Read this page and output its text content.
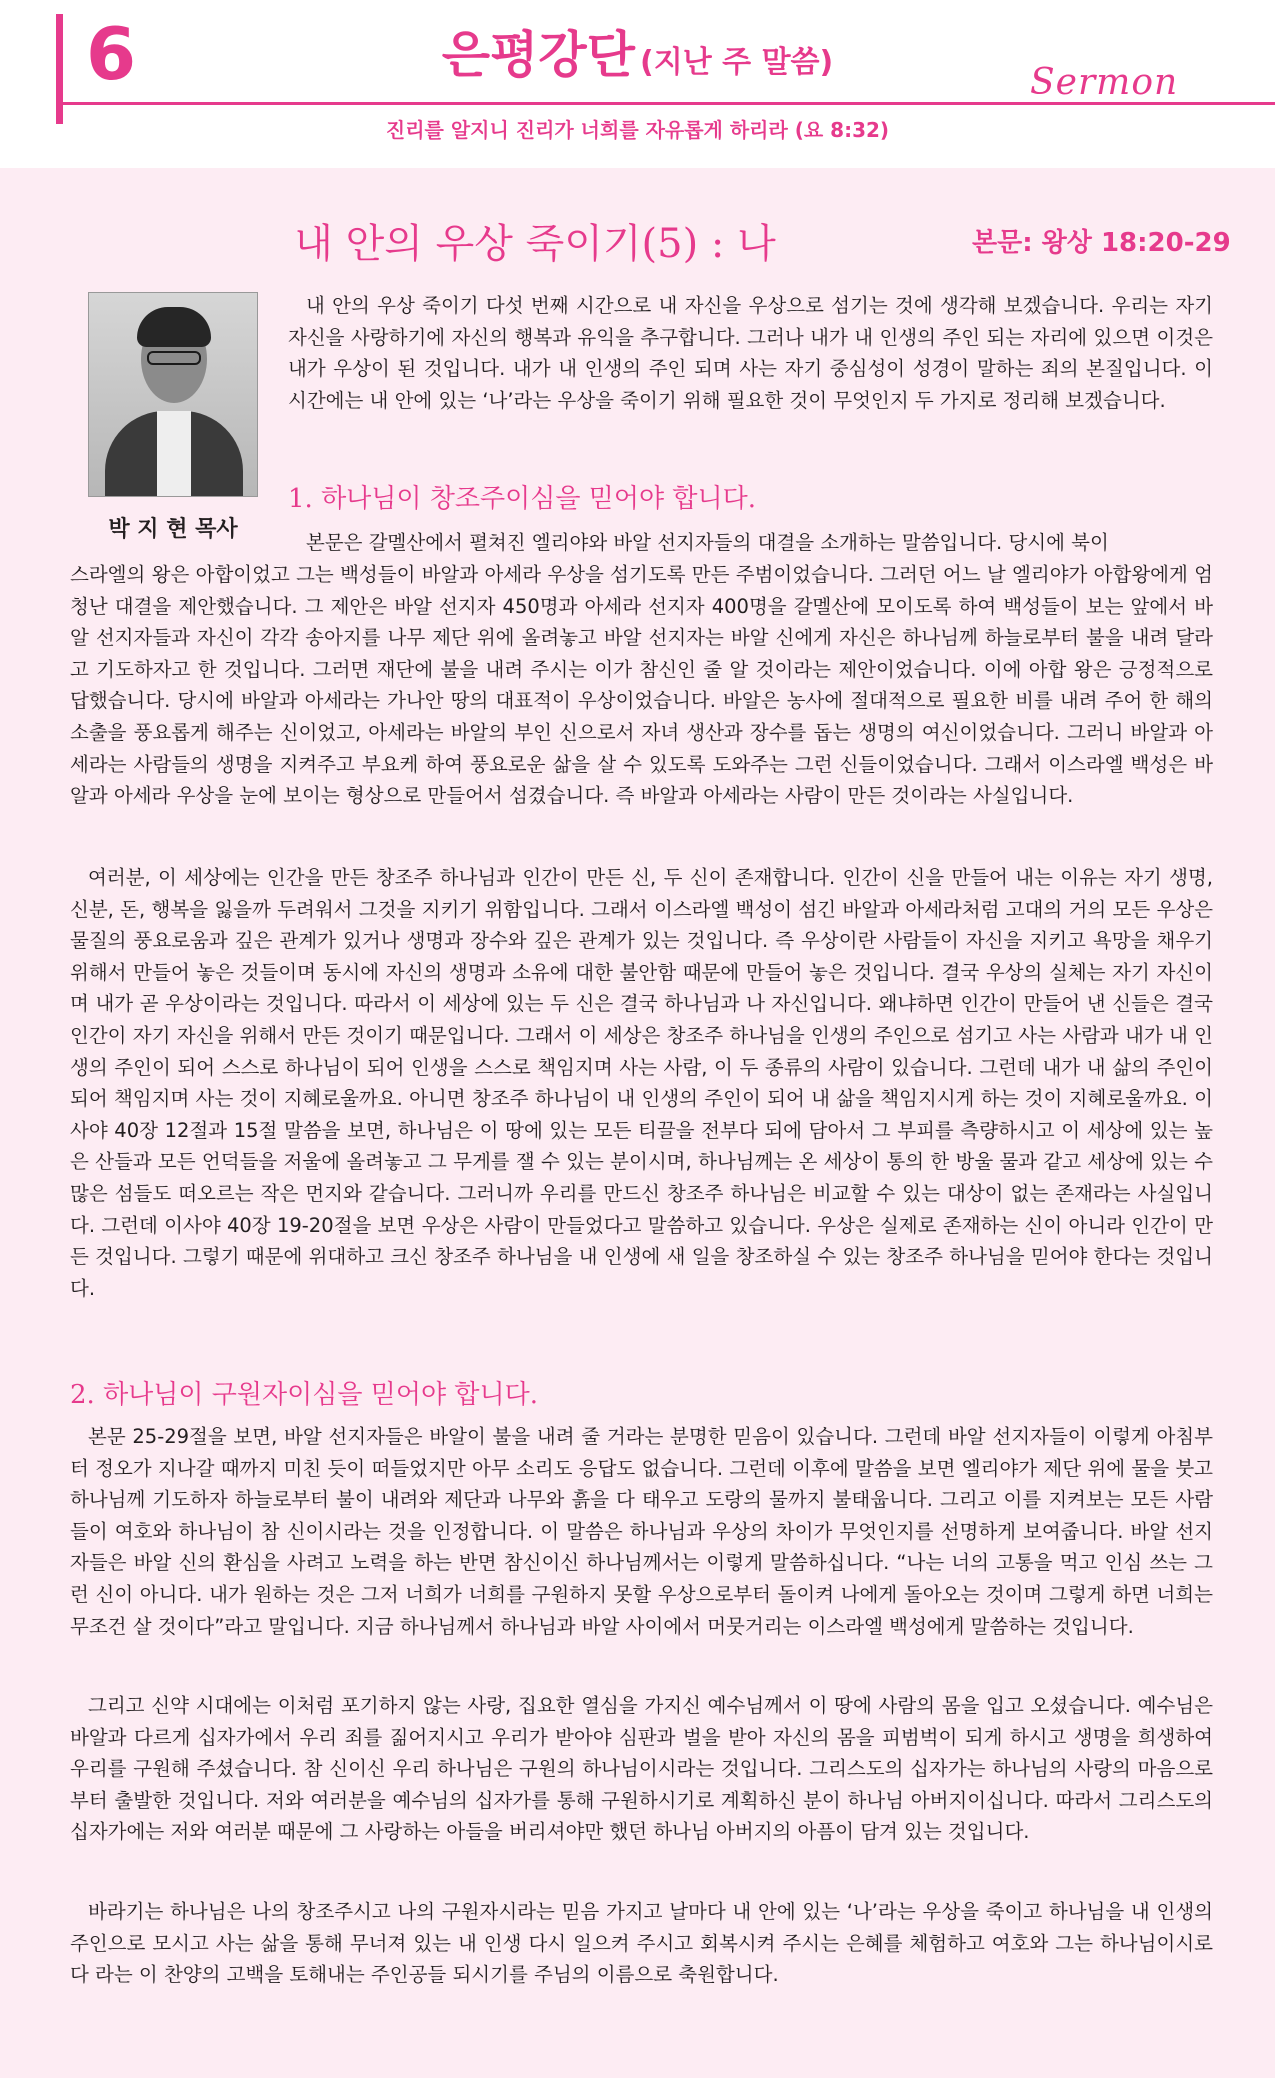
6	은평강단 (지난 주 말씀)	Sermon
진리를 알지니 진리가 너희를 자유롭게 하리라 (요 8:32)
내 안의 우상 죽이기(5) : 나	본문: 왕상 18:20-29
박 지 현 목사
내 안의 우상 죽이기 다섯 번째 시간으로 내 자신을 우상으로 섬기는 것에 생각해 보겠습니다. 우리는 자기 자신을 사랑하기에 자신의 행복과 유익을 추구합니다. 그러나 내가 내 인생의 주인 되는 자리에 있으면 이것은 내가 우상이 된 것입니다. 내가 내 인생의 주인 되며 사는 자기 중심성이 성경이 말하는 죄의 본질입니다. 이 시간에는 내 안에 있는 ‘나’라는 우상을 죽이기 위해 필요한 것이 무엇인지 두 가지로 정리해 보겠습니다.
1. 하나님이 창조주이심을 믿어야 합니다.
본문은 갈멜산에서 펼쳐진 엘리야와 바알 선지자들의 대결을 소개하는 말씀입니다. 당시에 북이
스라엘의 왕은 아합이었고 그는 백성들이 바알과 아세라 우상을 섬기도록 만든 주범이었습니다. 그러던 어느 날 엘리야가 아합왕에게 엄청난 대결을 제안했습니다. 그 제안은 바알 선지자 450명과 아세라 선지자 400명을 갈멜산에 모이도록 하여 백성들이 보는 앞에서 바알 선지자들과 자신이 각각 송아지를 나무 제단 위에 올려놓고 바알 선지자는 바알 신에게 자신은 하나님께 하늘로부터 불을 내려 달라고 기도하자고 한 것입니다. 그러면 재단에 불을 내려 주시는 이가 참신인 줄 알 것이라는 제안이었습니다. 이에 아합 왕은 긍정적으로 답했습니다. 당시에 바알과 아세라는 가나안 땅의 대표적이 우상이었습니다. 바알은 농사에 절대적으로 필요한 비를 내려 주어 한 해의 소출을 풍요롭게 해주는 신이었고, 아세라는 바알의 부인 신으로서 자녀 생산과 장수를 돕는 생명의 여신이었습니다. 그러니 바알과 아세라는 사람들의 생명을 지켜주고 부요케 하여 풍요로운 삶을 살 수 있도록 도와주는 그런 신들이었습니다. 그래서 이스라엘 백성은 바알과 아세라 우상을 눈에 보이는 형상으로 만들어서 섬겼습니다. 즉 바알과 아세라는 사람이 만든 것이라는 사실입니다.
여러분, 이 세상에는 인간을 만든 창조주 하나님과 인간이 만든 신, 두 신이 존재합니다. 인간이 신을 만들어 내는 이유는 자기 생명, 신분, 돈, 행복을 잃을까 두려워서 그것을 지키기 위함입니다. 그래서 이스라엘 백성이 섬긴 바알과 아세라처럼 고대의 거의 모든 우상은 물질의 풍요로움과 깊은 관계가 있거나 생명과 장수와 깊은 관계가 있는 것입니다. 즉 우상이란 사람들이 자신을 지키고 욕망을 채우기 위해서 만들어 놓은 것들이며 동시에 자신의 생명과 소유에 대한 불안함 때문에 만들어 놓은 것입니다. 결국 우상의 실체는 자기 자신이며 내가 곧 우상이라는 것입니다. 따라서 이 세상에 있는 두 신은 결국 하나님과 나 자신입니다. 왜냐하면 인간이 만들어 낸 신들은 결국 인간이 자기 자신을 위해서 만든 것이기 때문입니다. 그래서 이 세상은 창조주 하나님을 인생의 주인으로 섬기고 사는 사람과 내가 내 인생의 주인이 되어 스스로 하나님이 되어 인생을 스스로 책임지며 사는 사람, 이 두 종류의 사람이 있습니다. 그런데 내가 내 삶의 주인이 되어 책임지며 사는 것이 지혜로울까요. 아니면 창조주 하나님이 내 인생의 주인이 되어 내 삶을 책임지시게 하는 것이 지혜로울까요. 이사야 40장 12절과 15절 말씀을 보면, 하나님은 이 땅에 있는 모든 티끌을 전부다 되에 담아서 그 부피를 측량하시고 이 세상에 있는 높은 산들과 모든 언덕들을 저울에 올려놓고 그 무게를 잴 수 있는 분이시며, 하나님께는 온 세상이 통의 한 방울 물과 같고 세상에 있는 수많은 섬들도 떠오르는 작은 먼지와 같습니다. 그러니까 우리를 만드신 창조주 하나님은 비교할 수 있는 대상이 없는 존재라는 사실입니다. 그런데 이사야 40장 19-20절을 보면 우상은 사람이 만들었다고 말씀하고 있습니다. 우상은 실제로 존재하는 신이 아니라 인간이 만든 것입니다. 그렇기 때문에 위대하고 크신 창조주 하나님을 내 인생에 새 일을 창조하실 수 있는 창조주 하나님을 믿어야 한다는 것입니다.
2. 하나님이 구원자이심을 믿어야 합니다.
본문 25-29절을 보면, 바알 선지자들은 바알이 불을 내려 줄 거라는 분명한 믿음이 있습니다. 그런데 바알 선지자들이 이렇게 아침부터 정오가 지나갈 때까지 미친 듯이 떠들었지만 아무 소리도 응답도 없습니다. 그런데 이후에 말씀을 보면 엘리야가 제단 위에 물을 붓고 하나님께 기도하자 하늘로부터 불이 내려와 제단과 나무와 흙을 다 태우고 도랑의 물까지 불태웁니다. 그리고 이를 지켜보는 모든 사람들이 여호와 하나님이 참 신이시라는 것을 인정합니다. 이 말씀은 하나님과 우상의 차이가 무엇인지를 선명하게 보여줍니다. 바알 선지자들은 바알 신의 환심을 사려고 노력을 하는 반면 참신이신 하나님께서는 이렇게 말씀하십니다. “나는 너의 고통을 먹고 인심 쓰는 그런 신이 아니다. 내가 원하는 것은 그저 너희가 너희를 구원하지 못할 우상으로부터 돌이켜 나에게 돌아오는 것이며 그렇게 하면 너희는 무조건 살 것이다”라고 말입니다. 지금 하나님께서 하나님과 바알 사이에서 머뭇거리는 이스라엘 백성에게 말씀하는 것입니다.
그리고 신약 시대에는 이처럼 포기하지 않는 사랑, 집요한 열심을 가지신 예수님께서 이 땅에 사람의 몸을 입고 오셨습니다. 예수님은 바알과 다르게 십자가에서 우리 죄를 짊어지시고 우리가 받아야 심판과 벌을 받아 자신의 몸을 피범벅이 되게 하시고 생명을 희생하여 우리를 구원해 주셨습니다. 참 신이신 우리 하나님은 구원의 하나님이시라는 것입니다. 그리스도의 십자가는 하나님의 사랑의 마음으로부터 출발한 것입니다. 저와 여러분을 예수님의 십자가를 통해 구원하시기로 계획하신 분이 하나님 아버지이십니다. 따라서 그리스도의 십자가에는 저와 여러분 때문에 그 사랑하는 아들을 버리셔야만 했던 하나님 아버지의 아픔이 담겨 있는 것입니다.
바라기는 하나님은 나의 창조주시고 나의 구원자시라는 믿음 가지고 날마다 내 안에 있는 ‘나’라는 우상을 죽이고 하나님을 내 인생의 주인으로 모시고 사는 삶을 통해 무너져 있는 내 인생 다시 일으켜 주시고 회복시켜 주시는 은혜를 체험하고 여호와 그는 하나님이시로다 라는 이 찬양의 고백을 토해내는 주인공들 되시기를 주님의 이름으로 축원합니다.
